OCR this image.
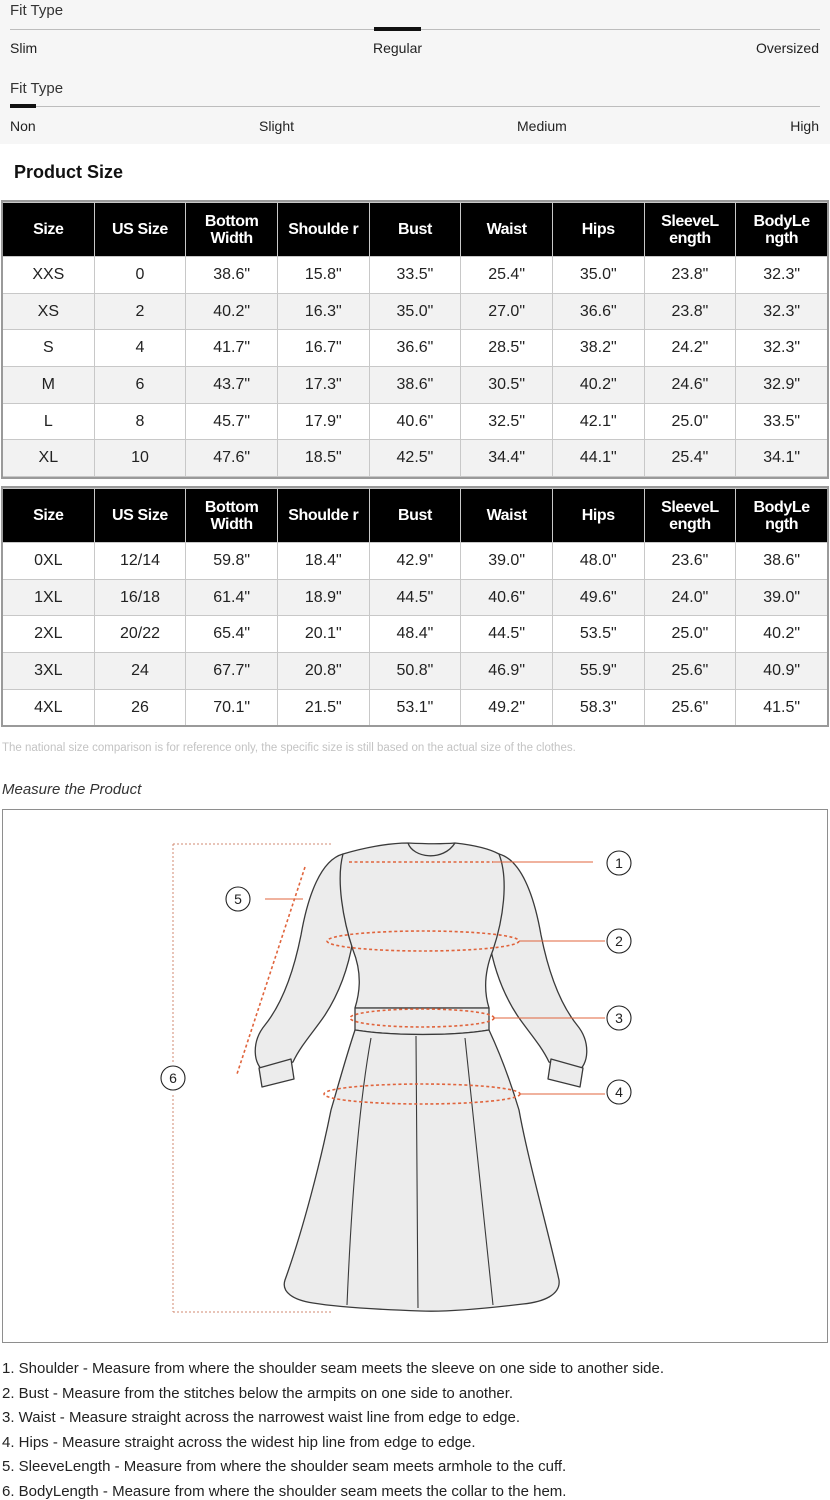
Fit Type
Slim	Regular	Oversized
Fit Type
Non	Slight	Medium	High
Product Size
Size	US Size	Bottom Width	Shoulde r	Bust	Waist	Hips	SleeveL ength	BodyLe ngth
XXS	0	38.6"	15.8"	33.5"	25.4"	35.0"	23.8"	32.3"
XS	2	40.2"	16.3"	35.0"	27.0"	36.6"	23.8"	32.3"
S	4	41.7"	16.7"	36.6"	28.5"	38.2"	24.2"	32.3"
M	6	43.7"	17.3"	38.6"	30.5"	40.2"	24.6"	32.9"
L	8	45.7"	17.9"	40.6"	32.5"	42.1"	25.0"	33.5"
XL	10	47.6"	18.5"	42.5"	34.4"	44.1"	25.4"	34.1"
Size	US Size	Bottom Width	Shoulde r	Bust	Waist	Hips	SleeveL ength	BodyLe ngth
0XL	12/14	59.8"	18.4"	42.9"	39.0"	48.0"	23.6"	38.6"
1XL	16/18	61.4"	18.9"	44.5"	40.6"	49.6"	24.0"	39.0"
2XL	20/22	65.4"	20.1"	48.4"	44.5"	53.5"	25.0"	40.2"
3XL	24	67.7"	20.8"	50.8"	46.9"	55.9"	25.6"	40.9"
4XL	26	70.1"	21.5"	53.1"	49.2"	58.3"	25.6"	41.5"
The national size comparison is for reference only, the specific size is still based on the actual size of the clothes.
Measure the Product
1
2
3
4
5
6
1. Shoulder - Measure from where the shoulder seam meets the sleeve on one side to another side.
2. Bust - Measure from the stitches below the armpits on one side to another.
3. Waist - Measure straight across the narrowest waist line from edge to edge.
4. Hips - Measure straight across the widest hip line from edge to edge.
5. SleeveLength - Measure from where the shoulder seam meets armhole to the cuff.
6. BodyLength - Measure from where the shoulder seam meets the collar to the hem.
